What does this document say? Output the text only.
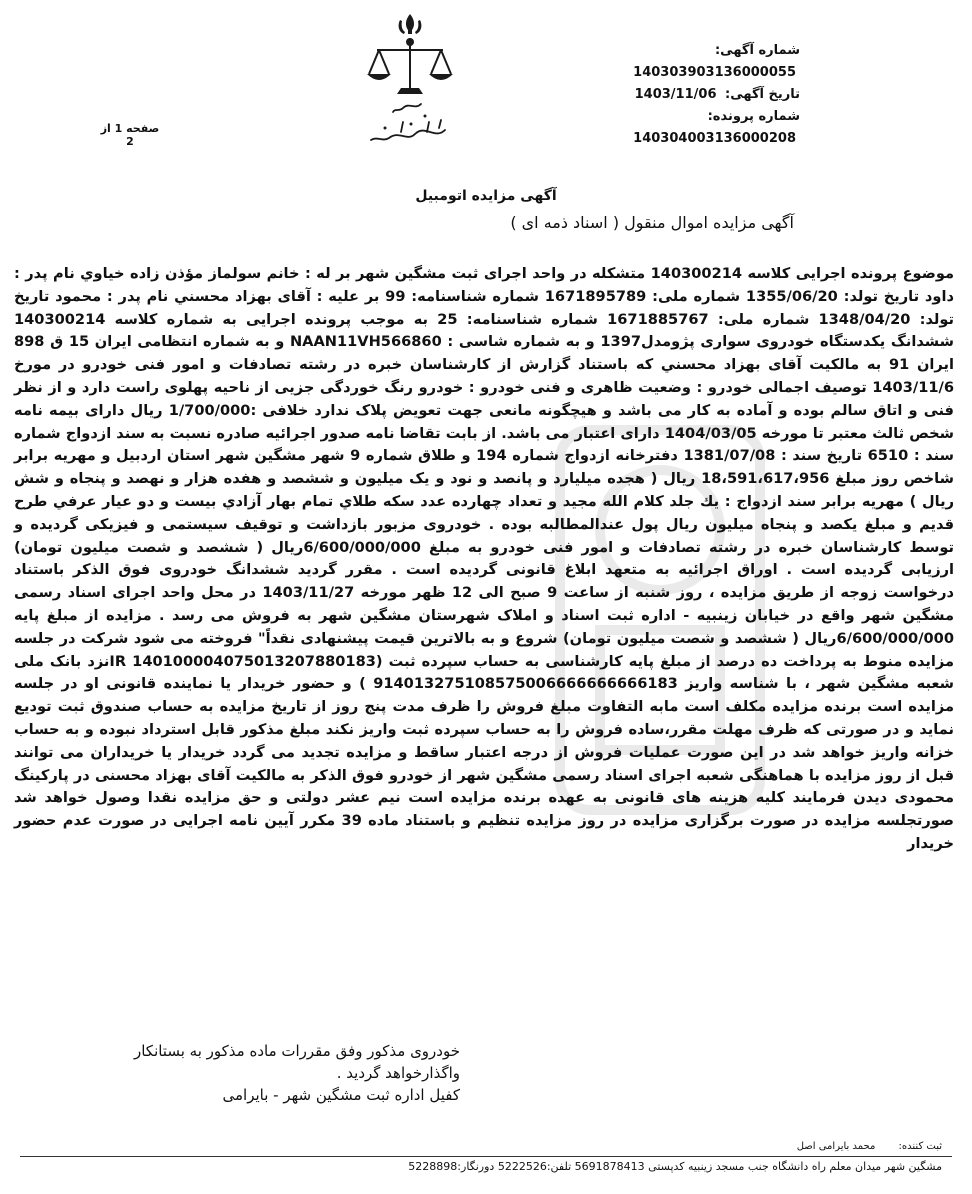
شماره آگهی: 140303903136000055
تاریخ آگهی: 1403/11/06
شماره پرونده: 140304003136000208
صفحه 1 از 2
آگهی مزایده اتومبیل
آگهی مزایده اموال منقول ( اسناد ذمه ای )

موضوع پرونده اجرایی کلاسه 140300214 متشکله در واحد اجرای ثبت مشگین شهر بر له : خانم سولماز مؤذن زاده خیاوي نام پدر : داود تاریخ تولد: 1355/06/20 شماره ملی: 1671895789 شماره شناسنامه: 99 بر علیه : آقای بهزاد محسني نام پدر : محمود تاريخ تولد: 1348/04/20 شماره ملی: 1671885767 شماره شناسنامه: 25 به موجب پرونده اجرایی به شماره کلاسه 140300214 ششدانگ یکدستگاه خودروی سواری پژومدل1397 و به شماره شاسی : NAAN11VH566860 و به شماره انتظامی ایران 15 ق 898 ایران 91 به مالکیت آقای بهزاد محسني که باستناد گزارش از کارشناسان خبره در رشته تصادفات و امور فنی خودرو در مورخ 1403/11/6 توصیف اجمالی خودرو : وضعیت ظاهری و فنی خودرو : خودرو رنگ خوردگی جزیی از ناحیه پهلوی راست دارد و از نظر فنی و اتاق سالم بوده و آماده به کار می باشد و هیچگونه مانعی جهت تعویض پلاک ندارد خلافی :1/700/000 ریال دارای بیمه نامه شخص ثالث معتبر تا مورخه 1404/03/05 دارای اعتبار می باشد. از بابت تقاضا نامه صدور اجرائیه صادره نسبت به سند ازدواج شماره سند : 6510 تاریخ سند : 1381/07/08 دفترخانه ازدواج شماره 194 و طلاق شماره 9 شهر مشگین شهر استان اردبیل و مهریه برابر شاخص روز مبلغ 18،591،617،956 ریال ( هجده میلیارد و پانصد و نود و یک میلیون و ششصد و هفده هزار و نهصد و پنجاه و شش ریال ) مهریه برابر سند ازدواج : يك جلد كلام الله مجيد و تعداد چهارده عدد سكه طلاي تمام بهار آزادي بيست و دو عيار عرفي طرح قديم و مبلغ يكصد و پنجاه ميليون ريال پول عندالمطالبه بوده . خودروی مزبور بازداشت و توقیف سیستمی و فیزیکی گردیده و توسط کارشناسان خبره در رشته تصادفات و امور فنی خودرو به مبلغ 6/600/000/000ریال ( ششصد و شصت میلیون تومان) ارزیابی گردیده است . اوراق اجرائیه به متعهد ابلاغ قانونی گردیده است . مقرر گردید ششدانگ خودروی فوق الذکر باستناد درخواست زوجه از طریق مزایده ، روز شنبه از ساعت 9 صبح الی 12 ظهر مورخه 1403/11/27 در محل واحد اجرای اسناد رسمی مشگین شهر واقع در خیابان زینبیه - اداره ثبت اسناد و املاک شهرستان مشگین شهر به فروش می رسد . مزایده از مبلغ پایه 6/600/000/000ریال ( ششصد و شصت میلیون تومان) شروع و به بالاترین قیمت پیشنهادی نقداً" فروخته می شود شرکت در جلسه مزایده منوط به پرداخت ده درصد از مبلغ پایه کارشناسی به حساب سپرده ثبت (IR 140100004075013207880183نزد بانک ملی شعبه مشگین شهر ، با شناسه واریز 914013275108575006666666666183 ) و حضور خریدار یا نماینده قانونی او در جلسه مزایده است برنده مزایده مکلف است مابه التفاوت مبلغ فروش را ظرف مدت پنج روز از تاریخ مزایده به حساب صندوق ثبت تودیع نماید و در صورتی که ظرف مهلت مقرر،ساده فروش را به حساب سپرده ثبت واریز نکند مبلغ مذکور قابل استرداد نبوده و به حساب خزانه واریز خواهد شد در این صورت عملیات فروش از درجه اعتبار ساقط و مزایده تجدید می گردد خریدار یا خریداران می توانند قبل از روز مزایده با هماهنگی شعبه اجرای اسناد رسمی مشگین شهر از خودرو فوق الذکر به مالکیت آقای بهزاد محسنی در پارکینگ محمودی دیدن فرمایند کلیه هزینه های قانونی به عهده برنده مزایده است نیم عشر دولتی و حق مزایده نقدا وصول خواهد شد صورتجلسه مزایده در صورت برگزاری مزایده در روز مزایده تنظیم و باستناد ماده 39 مکرر آیین نامه اجرایی در صورت عدم حضور خریدار

خودروی مذکور وفق مقررات ماده مذکور به بستانکار
واگذارخواهد گردید .
کفیل اداره ثبت مشگین شهر - بایرامی
ثبت کننده: محمد بایرامی اصل
مشگین شهر میدان معلم راه دانشگاه جنب مسجد زینبیه کدپستی 5691878413 تلفن:5222526 دورنگار:5228898
